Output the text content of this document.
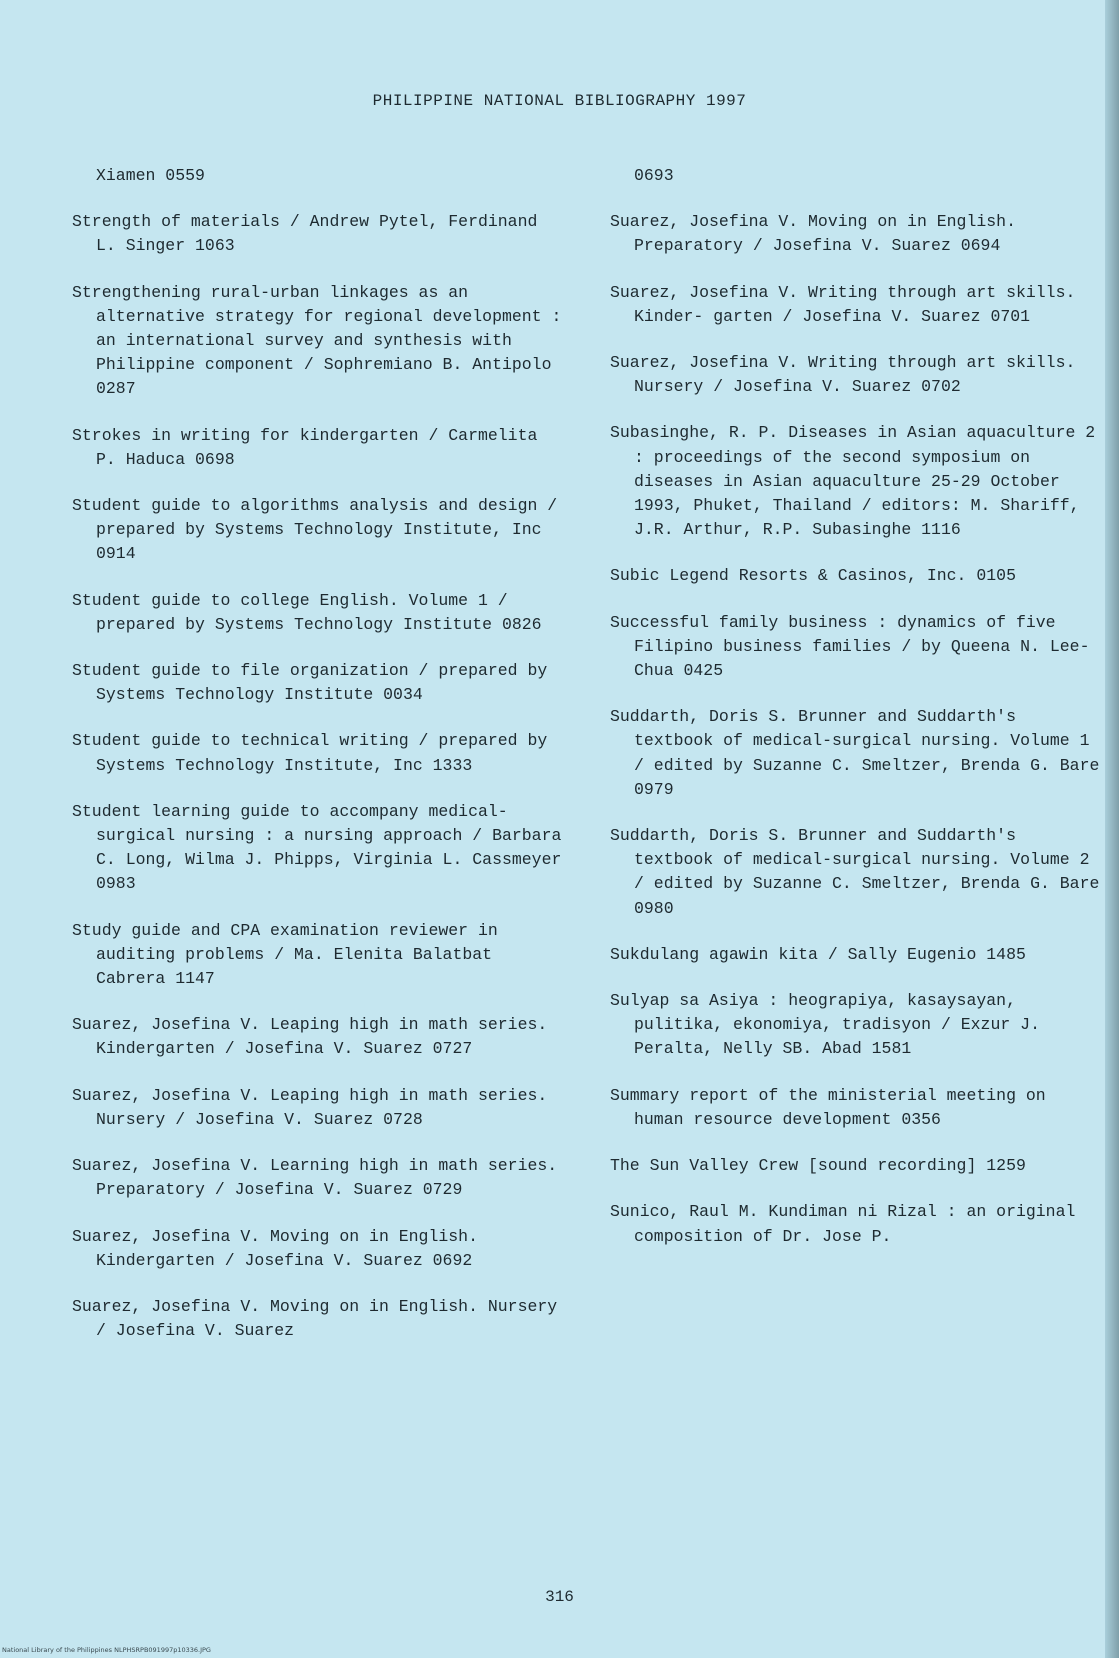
PHILIPPINE NATIONAL BIBLIOGRAPHY 1997

Xiamen 0559

Strength of materials / Andrew Pytel, Ferdinand L. Singer 1063

Strengthening rural-urban linkages as an alternative strategy for regional development : an international survey and synthesis with Philippine component / Sophremiano B. Antipolo 0287

Strokes in writing for kindergarten / Carmelita P. Haduca 0698

Student guide to algorithms analysis and design / prepared by Systems Technology Institute, Inc 0914

Student guide to college English. Volume 1 / prepared by Systems Technology Institute 0826

Student guide to file organization / prepared by Systems Technology Institute 0034

Student guide to technical writing / prepared by Systems Technology Institute, Inc 1333

Student learning guide to accompany medical-surgical nursing : a nursing approach / Barbara C. Long, Wilma J. Phipps, Virginia L. Cassmeyer 0983

Study guide and CPA examination reviewer in auditing problems / Ma. Elenita Balatbat Cabrera 1147

Suarez, Josefina V. Leaping high in math series. Kindergarten / Josefina V. Suarez 0727

Suarez, Josefina V. Leaping high in math series. Nursery / Josefina V. Suarez 0728

Suarez, Josefina V. Learning high in math series. Preparatory / Josefina V. Suarez 0729

Suarez, Josefina V. Moving on in English. Kindergarten / Josefina V. Suarez 0692

Suarez, Josefina V. Moving on in English. Nursery / Josefina V. Suarez

0693

Suarez, Josefina V. Moving on in English. Preparatory / Josefina V. Suarez 0694

Suarez, Josefina V. Writing through art skills. Kinder- garten / Josefina V. Suarez 0701

Suarez, Josefina V. Writing through art skills. Nursery / Josefina V. Suarez 0702

Subasinghe, R. P. Diseases in Asian aquaculture 2 : proceedings of the second symposium on diseases in Asian aquaculture 25-29 October 1993, Phuket, Thailand / editors: M. Shariff, J.R. Arthur, R.P. Subasinghe 1116

Subic Legend Resorts & Casinos, Inc. 0105

Successful family business : dynamics of five Filipino business families / by Queena N. Lee-Chua 0425

Suddarth, Doris S. Brunner and Suddarth's textbook of medical-surgical nursing. Volume 1 / edited by Suzanne C. Smeltzer, Brenda G. Bare 0979

Suddarth, Doris S. Brunner and Suddarth's textbook of medical-surgical nursing. Volume 2 / edited by Suzanne C. Smeltzer, Brenda G. Bare 0980

Sukdulang agawin kita / Sally Eugenio 1485

Sulyap sa Asiya : heograpiya, kasaysayan, pulitika, ekonomiya, tradisyon / Exzur J. Peralta, Nelly SB. Abad 1581

Summary report of the ministerial meeting on human resource development 0356

The Sun Valley Crew [sound recording] 1259

Sunico, Raul M. Kundiman ni Rizal : an original composition of Dr. Jose P.

316
National Library of the Philippines NLPHSRPB091997p10336.JPG
